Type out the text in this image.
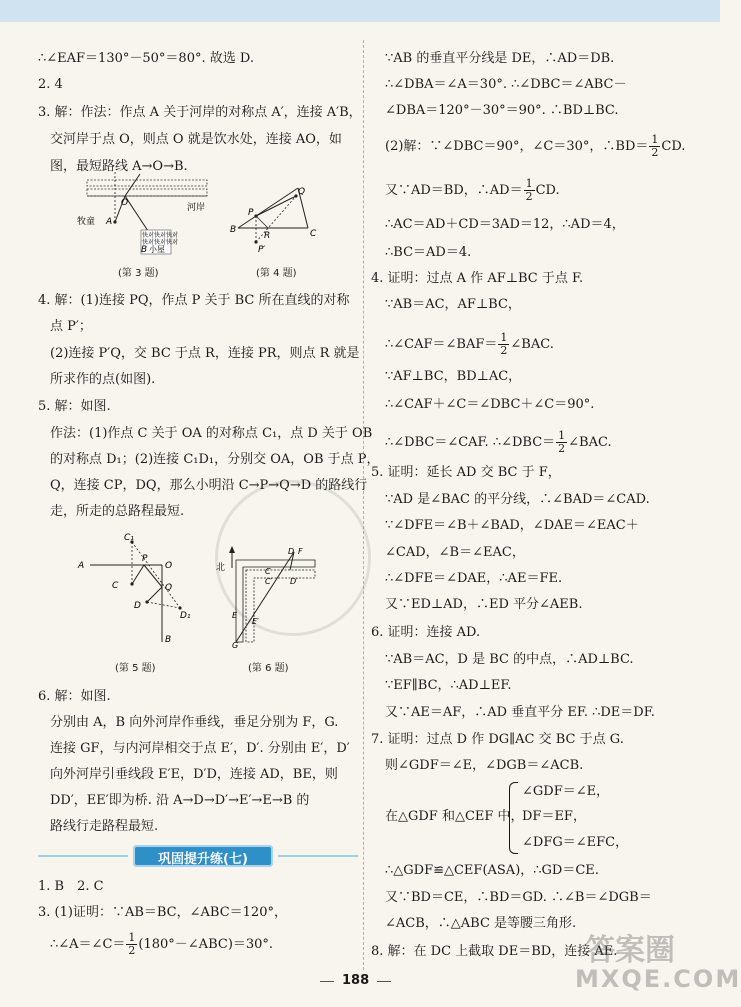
∴∠EAF＝130°－50°＝80°. 故选 D.
2. 4
3. 解：作法：作点 A 关于河岸的对称点 A′，连接 A′B，
交河岸于点 O，则点 O 就是饮水处，连接 AO，如
图，最短路线 A→O→B.
河岸
牧童 A
O
快对快对快对
快对快对快对
B 小屋
(第 3 题)
P
Q
B
R	C
P′
(第 4 题)
4. 解：(1)连接 PQ，作点 P 关于 BC 所在直线的对称
点 P′；
(2)连接 P′Q，交 BC 于点 R，连接 PR，则点 R 就是
所求作的点(如图).
5. 解：如图.
作法：(1)作点 C 关于 OA 的对称点 C₁，点 D 关于 OB
的对称点 D₁；(2)连接 C₁D₁，分别交 OA，OB 于点 P，
Q，连接 CP，DQ，那么小明沿 C→P→Q→D 的路线行
走，所走的总路程最短.
C₁
P
A	O
C	Q
D
D₁
B
(第 5 题)
北
D F
C
C′ D′
E
E′
G
(第 6 题)
6. 解：如图.
分别由 A，B 向外河岸作垂线，垂足分别为 F，G.
连接 GF，与内河岸相交于点 E′，D′. 分别由 E′，D′
向外河岸引垂线段 E′E，D′D，连接 AD，BE，则
DD′，EE′即为桥. 沿 A→D→D′→E′→E→B 的
路线行走路程最短.
巩固提升练(七)
1. B　2. C
3. (1)证明：∵AB＝BC，∠ABC＝120°，
∴∠A＝∠C＝ $\frac{1}{2}$ (180°－∠ABC)＝30°.
∵AB 的垂直平分线是 DE，∴AD＝DB.
∴∠DBA＝∠A＝30°. ∴∠DBC＝∠ABC－
∠DBA＝120°－30°＝90°. ∴BD⊥BC.
(2)解：∵∠DBC＝90°，∠C＝30°，∴BD＝ $\frac{1}{2}$ CD.
又∵AD＝BD，∴AD＝ $\frac{1}{2}$ CD.
∴AC＝AD＋CD＝3AD＝12，∴AD＝4，
∴BC＝AD＝4.
4. 证明：过点 A 作 AF⊥BC 于点 F.
∵AB＝AC，AF⊥BC，
∴∠CAF＝∠BAF＝ $\frac{1}{2}$ ∠BAC.
∵AF⊥BC，BD⊥AC，
∴∠CAF＋∠C＝∠DBC＋∠C＝90°.
∴∠DBC＝∠CAF. ∴∠DBC＝ $\frac{1}{2}$ ∠BAC.
5. 证明：延长 AD 交 BC 于 F，
∵AD 是∠BAC 的平分线，∴∠BAD＝∠CAD.
∵∠DFE＝∠B＋∠BAD，∠DAE＝∠EAC＋
∠CAD，∠B＝∠EAC，
∴∠DFE＝∠DAE，∴AE＝FE.
又∵ED⊥AD，∴ED 平分∠AEB.
6. 证明：连接 AD.
∵AB＝AC，D 是 BC 的中点，∴AD⊥BC.
∵EF∥BC，∴AD⊥EF.
又∵AE＝AF，∴AD 垂直平分 EF. ∴DE＝DF.
7. 证明：过点 D 作 DG∥AC 交 BC 于点 G.
则∠GDF＝∠E，∠DGB＝∠ACB.
在△GDF 和△CEF 中，
∠GDF＝∠E，
DF＝EF，
∠DFG＝∠EFC，
∴△GDF≌△CEF(ASA)，∴GD＝CE.
又∵BD＝CE，∴BD＝GD. ∴∠B＝∠DGB＝
∠ACB，∴△ABC 是等腰三角形.
8. 解：在 DC 上截取 DE＝BD，连接 AE.
答案圈
MXQE.COM
188
